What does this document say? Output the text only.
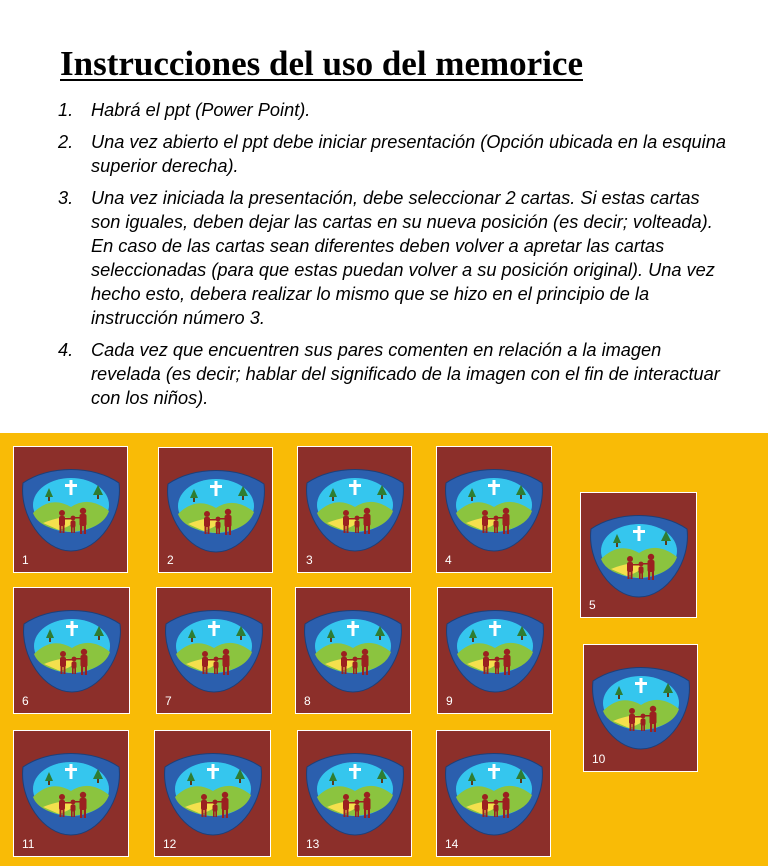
Instrucciones del uso del memorice
1. Habrá el ppt (Power Point).
2. Una vez abierto el ppt debe iniciar presentación (Opción ubicada en la esquina superior derecha).
3. Una vez iniciada la presentación, debe seleccionar 2 cartas. Si estas cartas son iguales, deben dejar las cartas en su nueva posición (es decir; volteada). En caso de las cartas sean diferentes deben volver a apretar las cartas seleccionadas (para que estas puedan volver a su posición original). Una vez hecho esto, debera realizar lo mismo que se hizo en el principio de la instrucción número 3.
4. Cada vez que encuentren sus pares comenten en relación a la imagen revelada (es decir; hablar del significado de la imagen con el fin de interactuar con los niños).
1	2	3	4
5
6	7	8	9
10
11	12	13	14
